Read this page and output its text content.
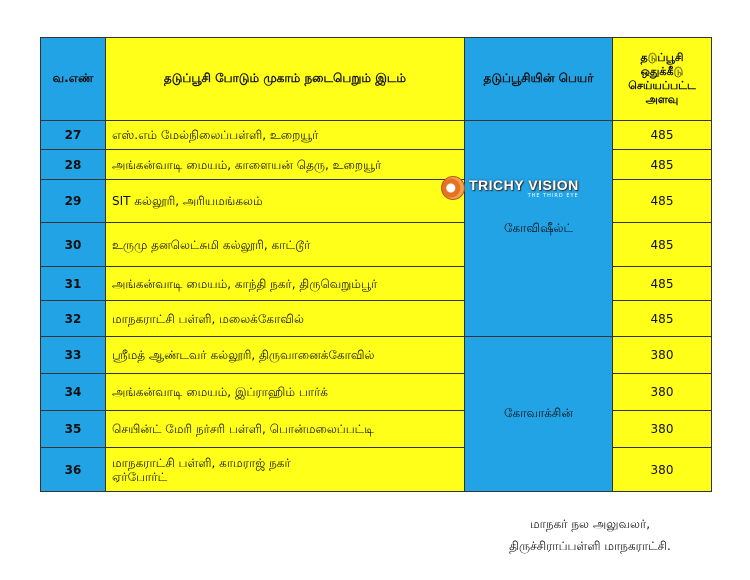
வ.எண்	தடுப்பூசி போடும் முகாம் நடைபெறும் இடம்	தடுப்பூசியின் பெயர்	தடுப்பூசி
ஒதுக்கீடு
செய்யப்பட்ட
அளவு

27	எஸ்.எம் மேல்நிலைப்பள்ளி, உறையூர்	கோவிஷீல்ட்	485
28	அங்கன்வாடி மையம், காளையன் தெரு, உறையூர்		485
29	SIT கல்லூரி, அரியமங்கலம்		485
30	உருமு தனலெட்சுமி கல்லூரி, காட்டூர்		485
31	அங்கன்வாடி மையம், காந்தி நகர், திருவெறும்பூர்		485
32	மாநகராட்சி பள்ளி, மலைக்கோவில்		485
33	ஸ்ரீமத் ஆண்டவர் கல்லூரி, திருவானைக்கோவில்	கோவாக்சின்	380
34	அங்கன்வாடி மையம், இப்ராஹிம் பார்க்		380
35	செயின்ட் மேரி நர்சரி பள்ளி, பொன்மலைப்பட்டி		380
36	மாநகராட்சி பள்ளி, காமராஜ் நகர்
ஏர்போர்ட்		380
TRICHY VISION
THE THIRD EYE
மாநகர் நல அலுவலர்,
திருச்சிராப்பள்ளி மாநகராட்சி.
